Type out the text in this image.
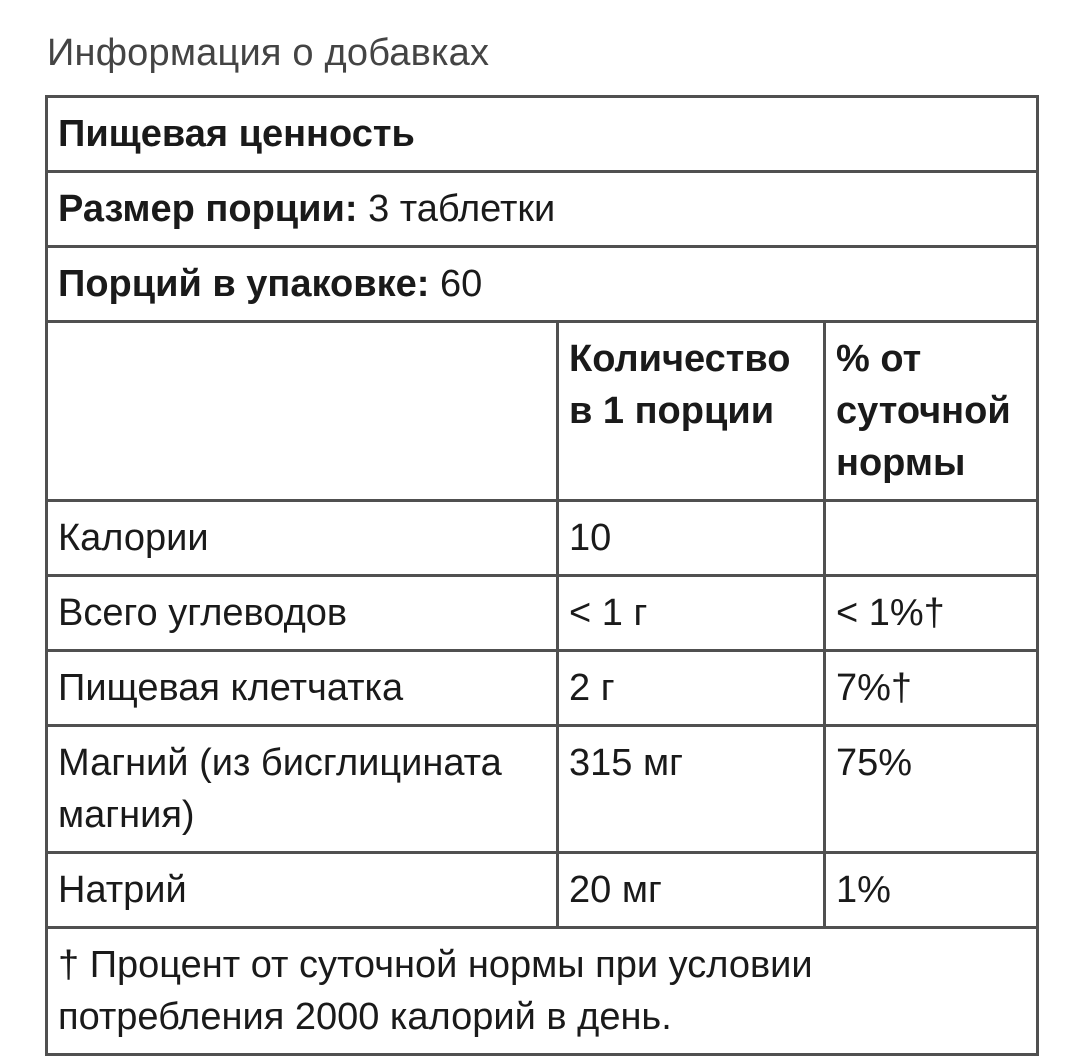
Информация о добавках
Пищевая ценность		
Размер порции: 3 таблетки		
Порций в упаковке: 60		
	Количество в 1 порции	% от суточной нормы
Калории	10	
Всего углеводов	< 1 г	< 1%†
Пищевая клетчатка	2 г	7%†
Магний (из бисглицината магния)	315 мг	75%
Натрий	20 мг	1%
† Процент от суточной нормы при условии потребления 2000 калорий в день.		
